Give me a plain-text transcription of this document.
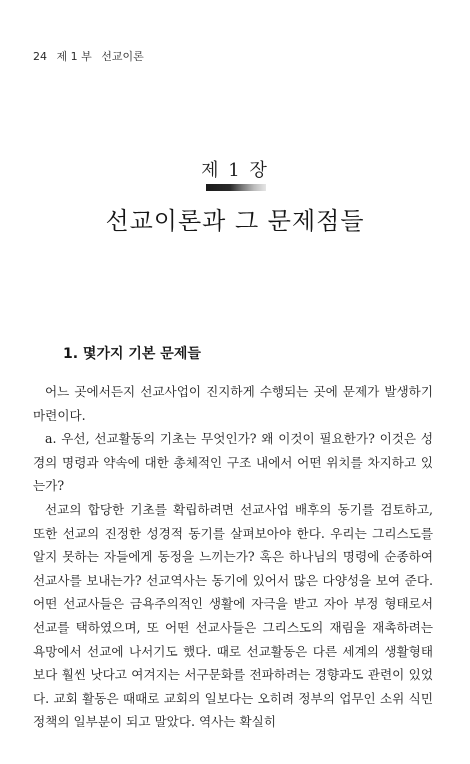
24 제 1 부 선교이론
제 1 장
선교이론과 그 문제점들
1. 몇가지 기본 문제들

어느 곳에서든지 선교사업이 진지하게 수행되는 곳에 문제가 발생하기 마련이다.

a. 우선, 선교활동의 기초는 무엇인가? 왜 이것이 필요한가? 이것은 성경의 명령과 약속에 대한 총체적인 구조 내에서 어떤 위치를 차지하고 있는가?

선교의 합당한 기초를 확립하려면 선교사업 배후의 동기를 검토하고, 또한 선교의 진정한 성경적 동기를 살펴보아야 한다. 우리는 그리스도를 알지 못하는 자들에게 동정을 느끼는가? 혹은 하나님의 명령에 순종하여 선교사를 보내는가? 선교역사는 동기에 있어서 많은 다양성을 보여 준다. 어떤 선교사들은 금욕주의적인 생활에 자극을 받고 자아 부정 형태로서 선교를 택하였으며, 또 어떤 선교사들은 그리스도의 재림을 재촉하려는 욕망에서 선교에 나서기도 했다. 때로 선교활동은 다른 세계의 생활형태보다 훨씬 낫다고 여겨지는 서구문화를 전파하려는 경향과도 관련이 있었다. 교회 활동은 때때로 교회의 일보다는 오히려 정부의 업무인 소위 식민정책의 일부분이 되고 말았다. 역사는 확실히
